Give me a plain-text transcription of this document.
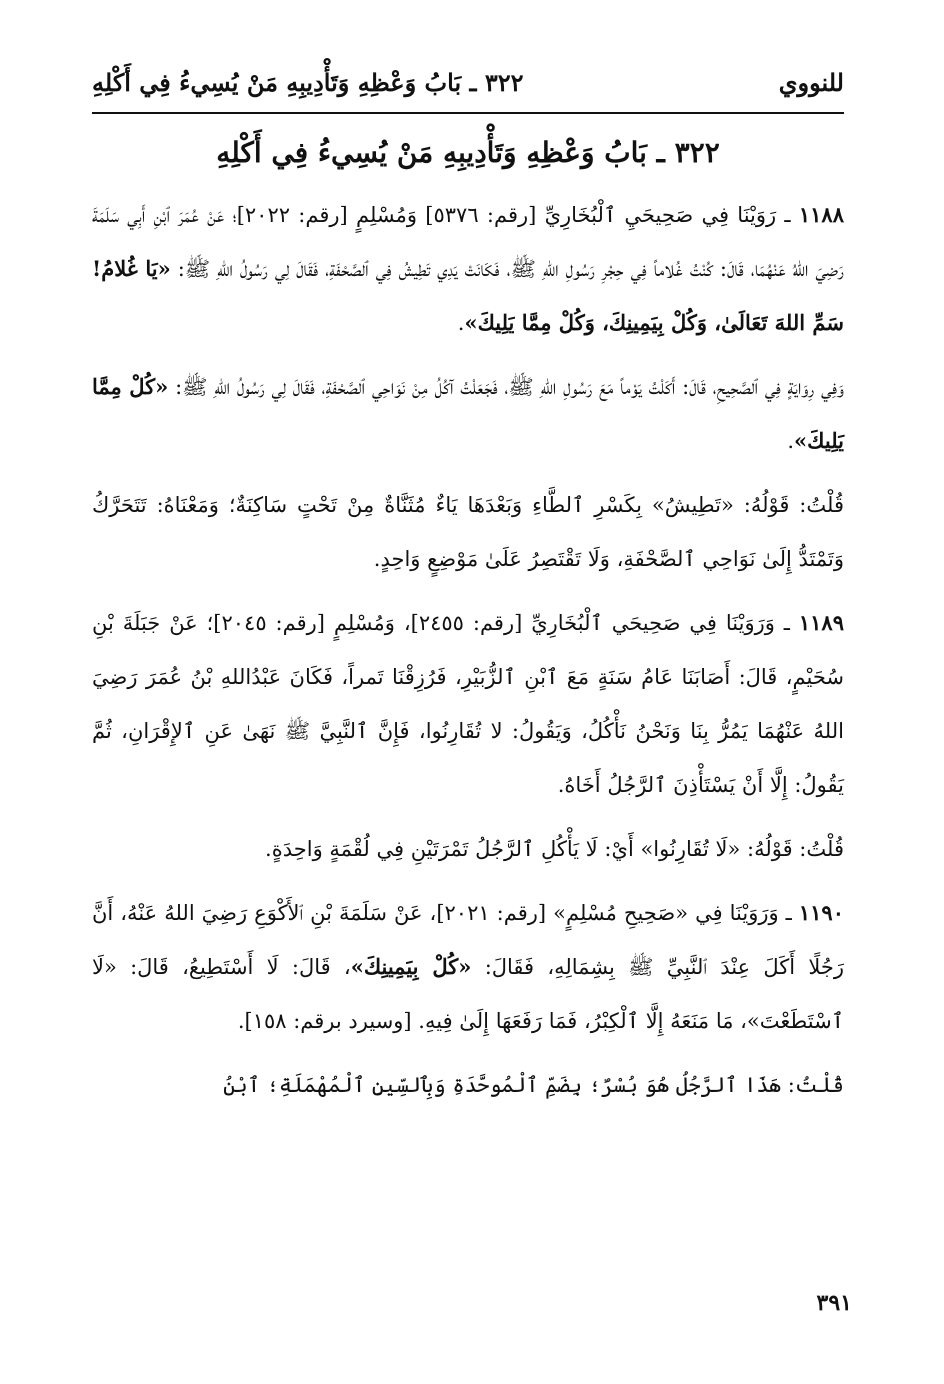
للنووي
٣٢٢ ـ بَابُ وَعْظِهِ وَتَأْدِيبِهِ مَنْ يُسِيءُ فِي أَكْلِهِ
٣٢٢ ـ بَابُ وَعْظِهِ وَتَأْدِيبِهِ مَنْ يُسِيءُ فِي أَكْلِهِ

١١٨٨ ـ رَوَيْنَا فِي صَحِيحَيِ ٱلْبُخَارِيِّ [رقم: ٥٣٧٦] وَمُسْلِمٍ [رقم: ٢٠٢٢]؛ عَنْ عُمَرَ ٱبْنِ أَبِي سَلَمَةَ رَضِيَ اللهُ عَنْهُمَا، قَالَ: كُنْتُ غُلاماً فِي حِجْرِ رَسُولِ اللهِ ﷺ، فَكَانَتْ يَدِي تَطِيشُ فِي ٱلصَّحْفَةِ، فَقَالَ لِي رَسُولُ اللهِ ﷺ: «يَا غُلامُ! سَمِّ اللهَ تَعَالَىٰ، وَكُلْ بِيَمِينِكَ، وَكُلْ مِمَّا يَلِيكَ».

وَفِي رِوَايَةٍ فِي ٱلصَّحِيحِ، قَالَ: أَكَلْتُ يَوْماً مَعَ رَسُولِ اللهِ ﷺ، فَجَعَلْتُ آكُلُ مِنْ نَوَاحِي ٱلصَّحْفَةِ، فَقَالَ لِي رَسُولُ اللهِ ﷺ: «كُلْ مِمَّا يَلِيكَ».

قُلْتُ: قَوْلُهُ: «تَطِيشُ» بِكَسْرِ ٱلطَّاءِ وَبَعْدَهَا يَاءٌ مُثَنَّاةٌ مِنْ تَحْتٍ سَاكِنَةٌ؛ وَمَعْنَاهُ: تَتَحَرَّكُ وَتَمْتَدُّ إِلَىٰ نَوَاحِي ٱلصَّحْفَةِ، وَلَا تَقْتَصِرُ عَلَىٰ مَوْضِعٍ وَاحِدٍ.

١١٨٩ ـ وَرَوَيْنَا فِي صَحِيحَي ٱلْبُخَارِيِّ [رقم: ٢٤٥٥]، وَمُسْلِمٍ [رقم: ٢٠٤٥]؛ عَنْ جَبَلَةَ بْنِ سُحَيْمٍ، قَالَ: أَصَابَنَا عَامُ سَنَةٍ مَعَ ٱبْنِ ٱلزُّبَيْرِ، فَرُزِقْنَا تَمراً، فَكَانَ عَبْدُاللهِ بْنُ عُمَرَ رَضِيَ اللهُ عَنْهُمَا يَمُرُّ بِنَا وَنَحْنُ نَأْكُلُ، وَيَقُولُ: لا تُقَارِنُوا، فَإِنَّ ٱلنَّبِيَّ ﷺ نَهَىٰ عَنِ ٱلإِقْرَانِ، ثُمَّ يَقُولُ: إِلَّا أَنْ يَسْتَأْذِنَ ٱلرَّجُلُ أَخَاهُ.

قُلْتُ: قَوْلُهُ: «لَا تُقَارِنُوا» أَيْ: لَا يَأْكُلِ ٱلرَّجُلُ تَمْرَتَيْنِ فِي لُقْمَةٍ وَاحِدَةٍ.

١١٩٠ ـ وَرَوَيْنَا فِي «صَحِيحِ مُسْلِمٍ» [رقم: ٢٠٢١]، عَنْ سَلَمَةَ بْنِ ٱلأَكْوَعِ رَضِيَ اللهُ عَنْهُ، أَنَّ رَجُلًا أَكَلَ عِنْدَ ٱلنَّبِيِّ ﷺ بِشِمَالِهِ، فَقَالَ: «كُلْ بِيَمِينِكَ»، قَالَ: لَا أَسْتَطِيعُ، قَالَ: «لَا ٱسْتَطَعْتَ»، مَا مَنَعَهُ إِلَّا ٱلْكِبْرُ، فَمَا رَفَعَهَا إِلَىٰ فِيهِ. [وسيرد برقم: ١٥٨].

قُلْتُ: هَذَا ٱلرَّجُلُ هُوَ بُسْرٌ؛ بِضَمِّ ٱلْمُوحَّدَةِ وَبِٱلسِّينِ ٱلْمُهْمَلَةِ؛ ٱبْنُ

٣٩١
